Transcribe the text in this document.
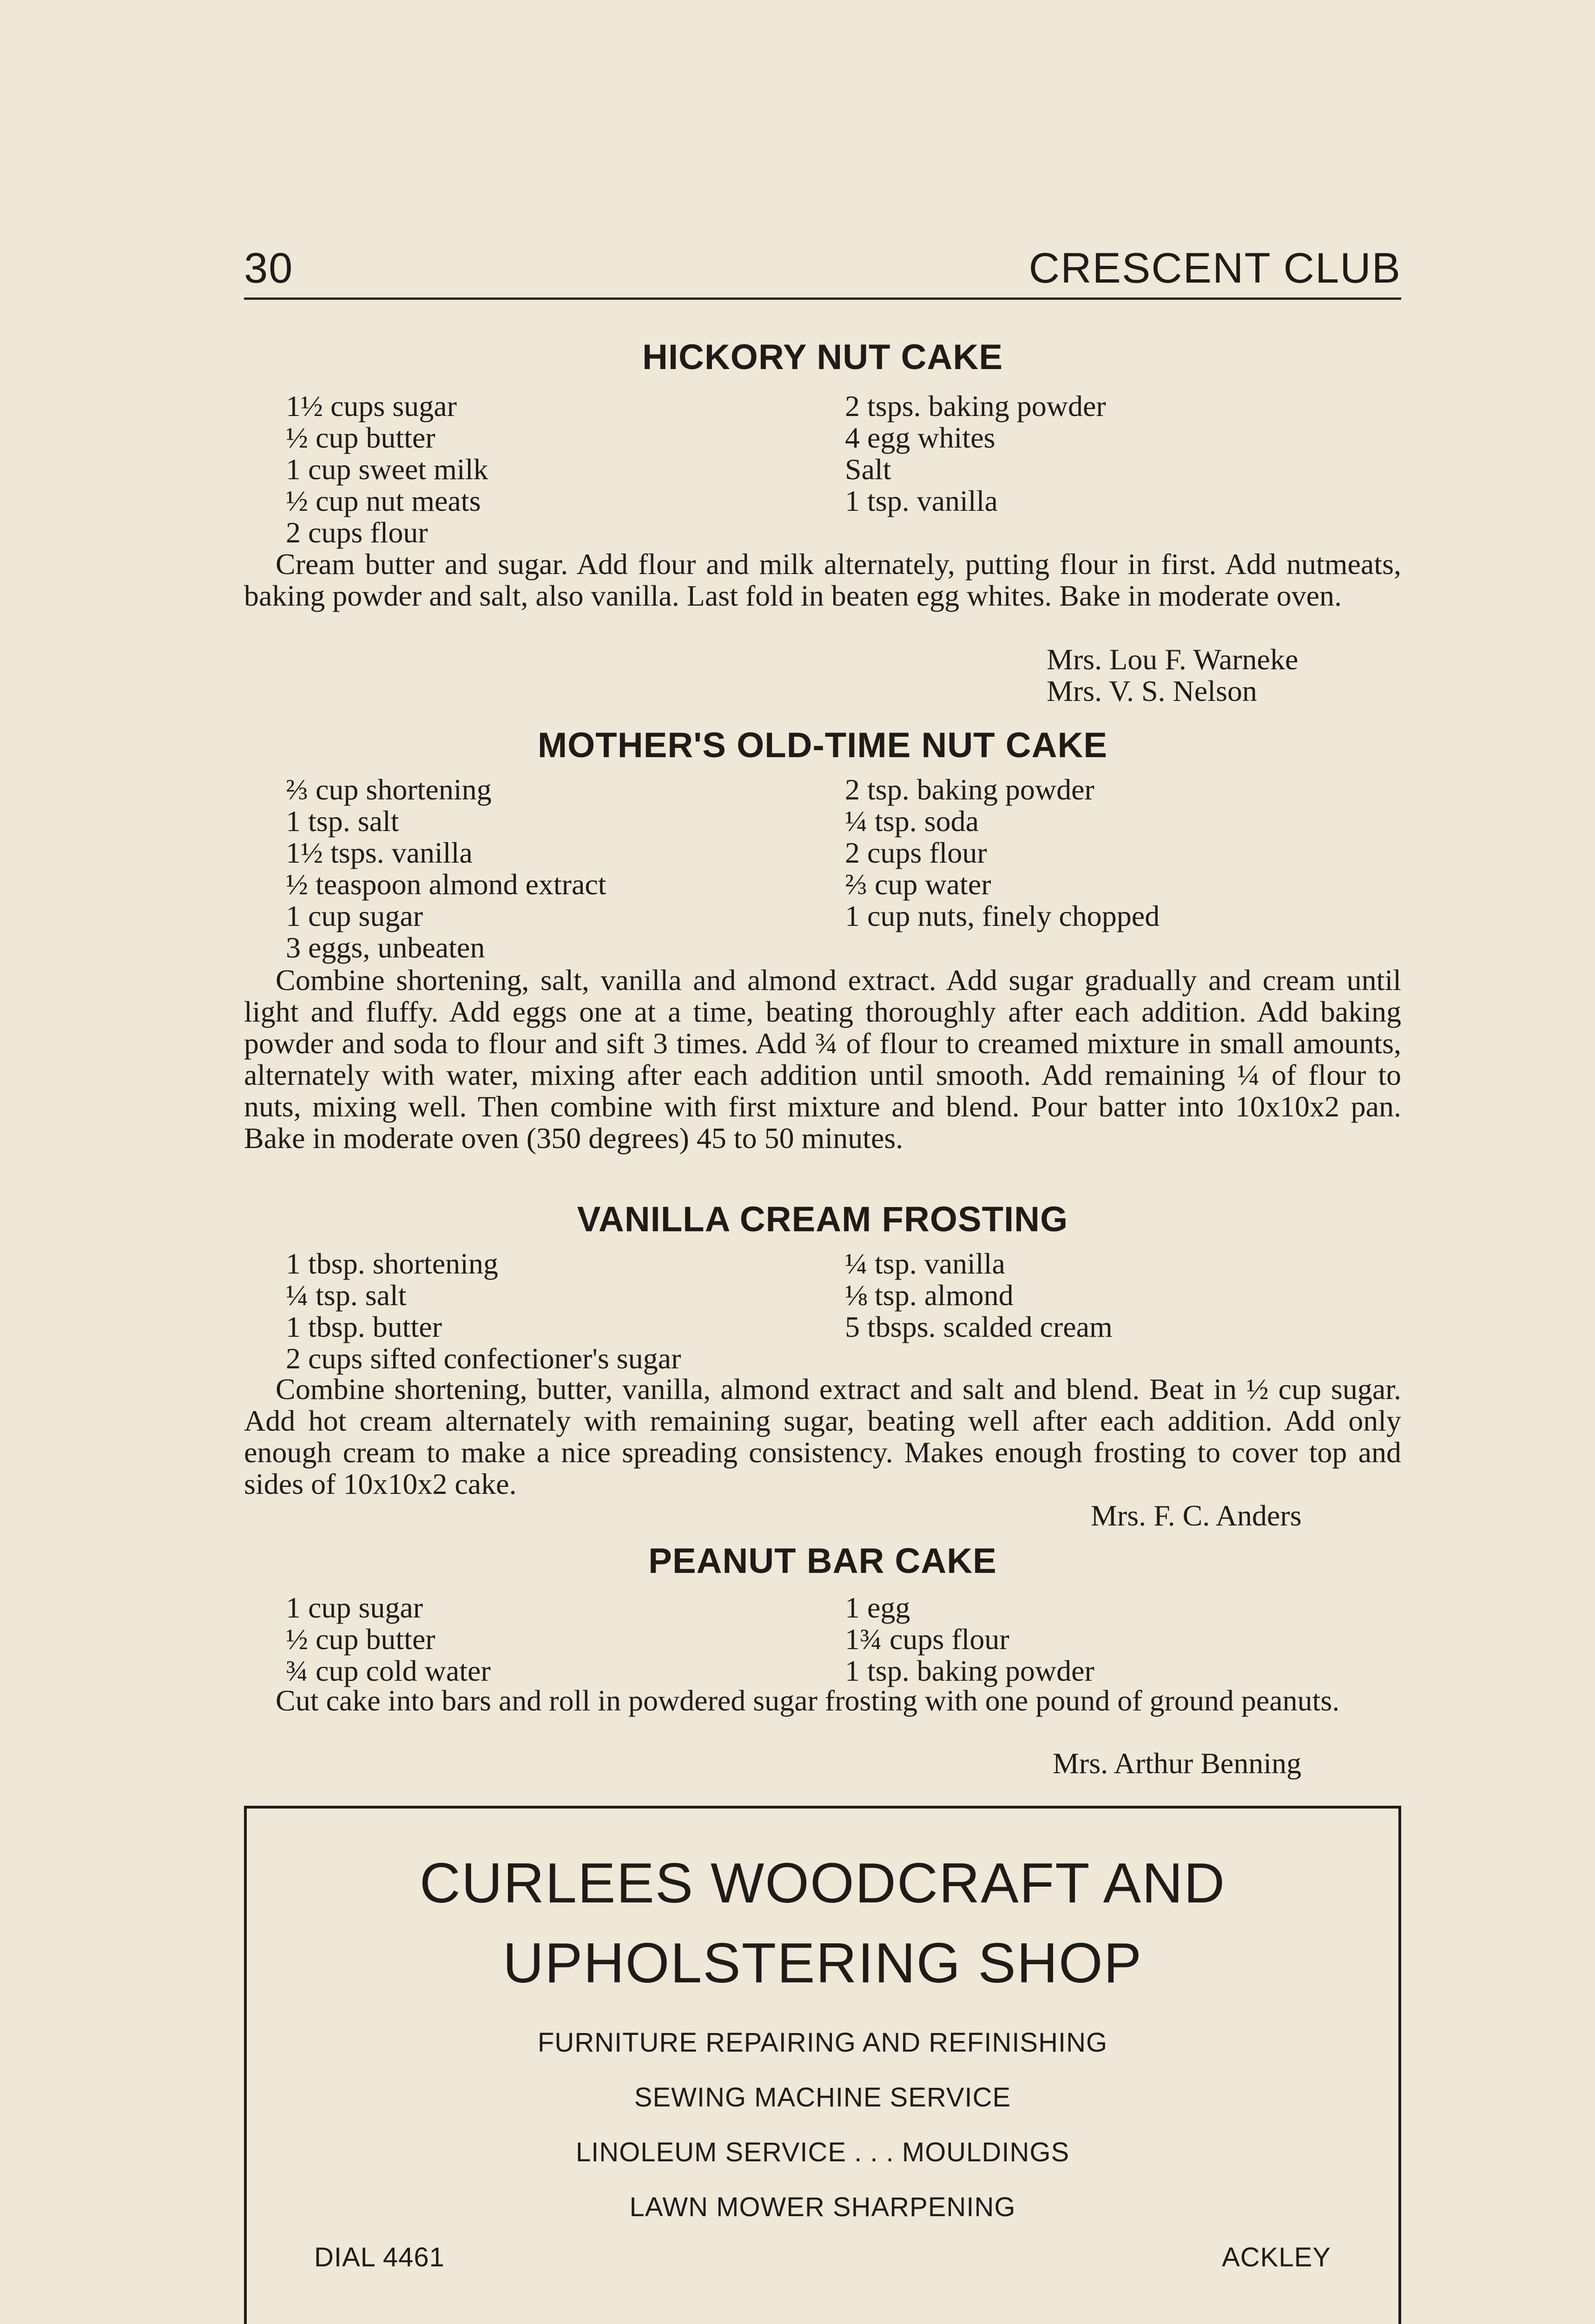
30	CRESCENT CLUB
HICKORY NUT CAKE
1½ cups sugar
½ cup butter
1 cup sweet milk
½ cup nut meats
2 cups flour
2 tsps. baking powder
4 egg whites
Salt
1 tsp. vanilla
Cream butter and sugar. Add flour and milk alternately, putting flour in first. Add nutmeats, baking powder and salt, also vanilla. Last fold in beaten egg whites. Bake in moderate oven.
Mrs. Lou F. Warneke
Mrs. V. S. Nelson
MOTHER'S OLD-TIME NUT CAKE
⅔ cup shortening
1 tsp. salt
1½ tsps. vanilla
½ teaspoon almond extract
1 cup sugar
3 eggs, unbeaten
2 tsp. baking powder
¼ tsp. soda
2 cups flour
⅔ cup water
1 cup nuts, finely chopped
Combine shortening, salt, vanilla and almond extract. Add sugar gradually and cream until light and fluffy. Add eggs one at a time, beating thoroughly after each addition. Add baking powder and soda to flour and sift 3 times. Add ¾ of flour to creamed mixture in small amounts, alternately with water, mixing after each addition until smooth. Add remaining ¼ of flour to nuts, mixing well. Then combine with first mixture and blend. Pour batter into 10x10x2 pan. Bake in moderate oven (350 degrees) 45 to 50 minutes.
VANILLA CREAM FROSTING
1 tbsp. shortening
¼ tsp. salt
1 tbsp. butter
2 cups sifted confectioner's sugar
¼ tsp. vanilla
⅛ tsp. almond
5 tbsps. scalded cream
Combine shortening, butter, vanilla, almond extract and salt and blend. Beat in ½ cup sugar. Add hot cream alternately with remaining sugar, beating well after each addition. Add only enough cream to make a nice spreading consistency. Makes enough frosting to cover top and sides of 10x10x2 cake.
Mrs. F. C. Anders
PEANUT BAR CAKE
1 cup sugar
½ cup butter
¾ cup cold water
1 egg
1¾ cups flour
1 tsp. baking powder
Cut cake into bars and roll in powdered sugar frosting with one pound of ground peanuts.
Mrs. Arthur Benning
CURLEES WOODCRAFT AND
UPHOLSTERING SHOP
FURNITURE REPAIRING AND REFINISHING
SEWING MACHINE SERVICE
LINOLEUM SERVICE . . . MOULDINGS
LAWN MOWER SHARPENING
DIAL 4461	ACKLEY
